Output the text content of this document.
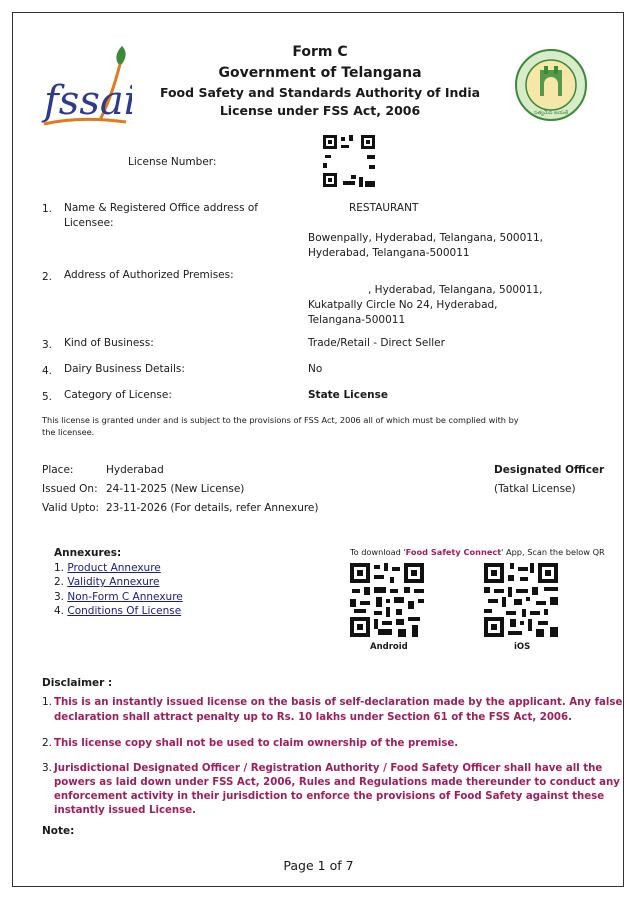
fssai	సత్యమేవ జయతే
Form C
Government of Telangana
Food Safety and Standards Authority of India
License under FSS Act, 2006
License Number:
1. Name & Registered Office address of Licensee:
RESTAURANT
Bowenpally, Hyderabad, Telangana, 500011,
Hyderabad, Telangana-500011
2. Address of Authorized Premises:
, Hyderabad, Telangana, 500011,
Kukatpally Circle No 24, Hyderabad,
Telangana-500011
3. Kind of Business:	Trade/Retail - Direct Seller
4. Dairy Business Details:	No
5. Category of License:	State License
This license is granted under and is subject to the provisions of FSS Act, 2006 all of which must be complied with by the licensee.
Place:	Hyderabad
Issued On: 24-11-2025 (New License)
Valid Upto: 23-11-2026 (For details, refer Annexure)
Designated Officer
(Tatkal License)
Annexures:
1. Product Annexure
2. Validity Annexure
3. Non-Form C Annexure
4. Conditions Of License
To download 'Food Safety Connect' App, Scan the below QR
Android	iOS
Disclaimer :
1. This is an instantly issued license on the basis of self-declaration made by the applicant. Any false
declaration shall attract penalty up to Rs. 10 lakhs under Section 61 of the FSS Act, 2006.
2. This license copy shall not be used to claim ownership of the premise.
3. Jurisdictional Designated Officer / Registration Authority / Food Safety Officer shall have all the
powers as laid down under FSS Act, 2006, Rules and Regulations made thereunder to conduct any
enforcement activity in their jurisdiction to enforce the provisions of Food Safety against these
instantly issued License.
Note:
Page 1 of 7
